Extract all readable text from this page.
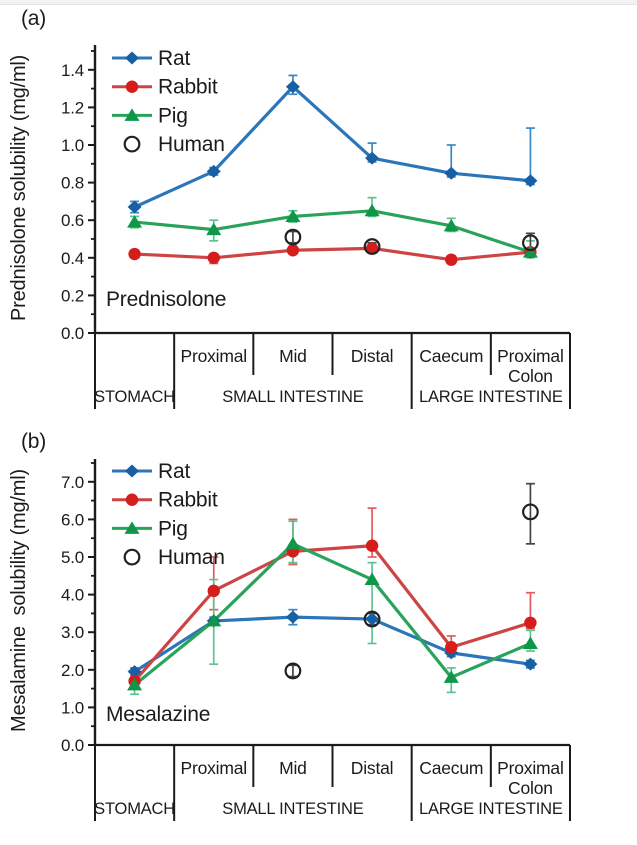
0.0
0.2
0.4
0.6
0.8
1.0
1.2
1.4
Proximal Mid	Distal Caecum Proximal
Colon
STOMACH	SMALL INTESTINE	LARGE INTESTINE
Rat
Rabbit
Pig
Human
(a)
Prednisolone solubility (mg/ml)	Prednisolone
0.0
1.0
2.0
3.0
4.0
5.0
6.0
7.0
Proximal Mid	Distal Caecum Proximal
Colon
STOMACH	SMALL INTESTINE	LARGE INTESTINE
Rat
Rabbit
Pig
Human
(b)
Mesalamine  solubility (mg/ml)	Mesalazine
